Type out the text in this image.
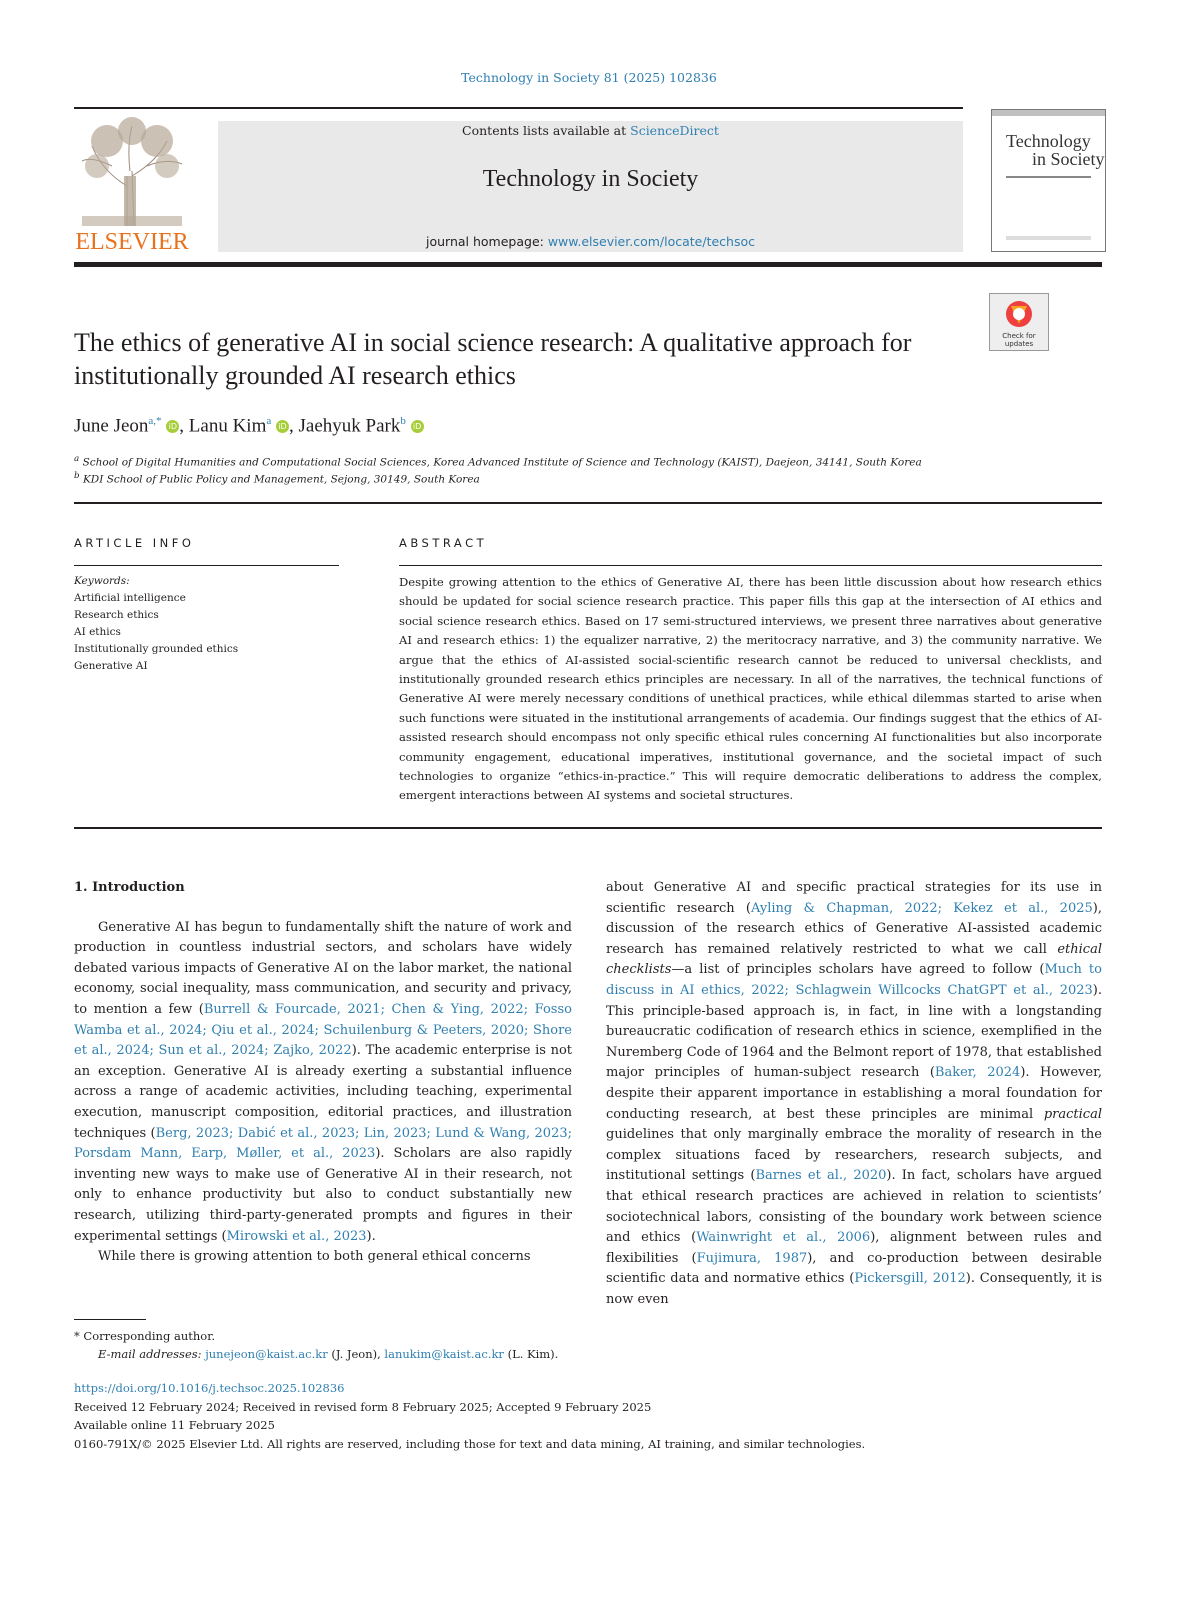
Technology in Society 81 (2025) 102836
ELSEVIER
Contents lists available at ScienceDirect
Technology in Society
journal homepage: www.elsevier.com/locate/techsoc
Technology
in Society
Check for updates
The ethics of generative AI in social science research: A qualitative approach for institutionally grounded AI research ethics
June Jeon$^{a,*}$ iD , Lanu Kim$^a$ iD , Jaehyuk Park$^b$ iD
$^a$ School of Digital Humanities and Computational Social Sciences, Korea Advanced Institute of Science and Technology (KAIST), Daejeon, 34141, South Korea
$^b$ KDI School of Public Policy and Management, Sejong, 30149, South Korea
ARTICLE INFO
Keywords:
Artificial intelligence
Research ethics
AI ethics
Institutionally grounded ethics
Generative AI
ABSTRACT
Despite growing attention to the ethics of Generative AI, there has been little discussion about how research ethics should be updated for social science research practice. This paper fills this gap at the intersection of AI ethics and social science research ethics. Based on 17 semi-structured interviews, we present three narratives about generative AI and research ethics: 1) the equalizer narrative, 2) the meritocracy narrative, and 3) the community narrative. We argue that the ethics of AI-assisted social-scientific research cannot be reduced to universal checklists, and institutionally grounded research ethics principles are necessary. In all of the narratives, the technical functions of Generative AI were merely necessary conditions of unethical practices, while ethical dilemmas started to arise when such functions were situated in the institutional arrangements of academia. Our findings suggest that the ethics of AI-assisted research should encompass not only specific ethical rules concerning AI functionalities but also incorporate community engagement, educational imperatives, institutional governance, and the societal impact of such technologies to organize “ethics-in-practice.” This will require democratic deliberations to address the complex, emergent interactions between AI systems and societal structures.

1. Introduction

Generative AI has begun to fundamentally shift the nature of work and production in countless industrial sectors, and scholars have widely debated various impacts of Generative AI on the labor market, the national economy, social inequality, mass communication, and security and privacy, to mention a few (Burrell & Fourcade, 2021; Chen & Ying, 2022; Fosso Wamba et al., 2024; Qiu et al., 2024; Schuilenburg & Peeters, 2020; Shore et al., 2024; Sun et al., 2024; Zajko, 2022). The academic enterprise is not an exception. Generative AI is already exerting a substantial influence across a range of academic activities, including teaching, experimental execution, manuscript composition, editorial practices, and illustration techniques (Berg, 2023; Dabić et al., 2023; Lin, 2023; Lund & Wang, 2023; Porsdam Mann, Earp, Møller, et al., 2023). Scholars are also rapidly inventing new ways to make use of Generative AI in their research, not only to enhance productivity but also to conduct substantially new research, utilizing third-party-generated prompts and figures in their experimental settings (Mirowski et al., 2023).

While there is growing attention to both general ethical concerns

about Generative AI and specific practical strategies for its use in scientific research (Ayling & Chapman, 2022; Kekez et al., 2025), discussion of the research ethics of Generative AI-assisted academic research has remained relatively restricted to what we call ethical checklists—a list of principles scholars have agreed to follow (Much to discuss in AI ethics, 2022; Schlagwein Willcocks ChatGPT et al., 2023). This principle-based approach is, in fact, in line with a longstanding bureaucratic codification of research ethics in science, exemplified in the Nuremberg Code of 1964 and the Belmont report of 1978, that established major principles of human-subject research (Baker, 2024). However, despite their apparent importance in establishing a moral foundation for conducting research, at best these principles are minimal practical guidelines that only marginally embrace the morality of research in the complex situations faced by researchers, research subjects, and institutional settings (Barnes et al., 2020). In fact, scholars have argued that ethical research practices are achieved in relation to scientists’ sociotechnical labors, consisting of the boundary work between science and ethics (Wainwright et al., 2006), alignment between rules and flexibilities (Fujimura, 1987), and co-production between desirable scientific data and normative ethics (Pickersgill, 2012). Consequently, it is now even

* Corresponding author.
E-mail addresses: junejeon@kaist.ac.kr (J. Jeon), lanukim@kaist.ac.kr (L. Kim).
https://doi.org/10.1016/j.techsoc.2025.102836
Received 12 February 2024; Received in revised form 8 February 2025; Accepted 9 February 2025
Available online 11 February 2025
0160-791X/© 2025 Elsevier Ltd. All rights are reserved, including those for text and data mining, AI training, and similar technologies.
